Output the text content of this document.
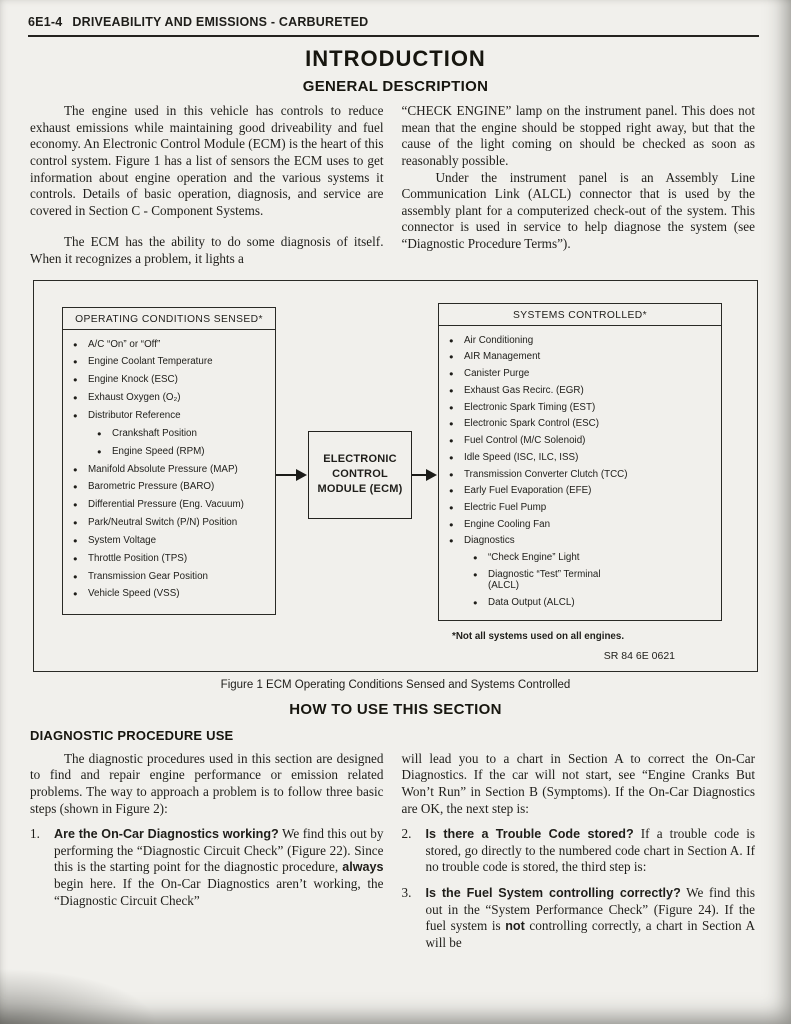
6E1-4 DRIVEABILITY AND EMISSIONS - CARBURETED
INTRODUCTION
GENERAL DESCRIPTION

The engine used in this vehicle has controls to reduce exhaust emissions while maintaining good driveability and fuel economy. An Electronic Control Module (ECM) is the heart of this control system. Figure 1 has a list of sensors the ECM uses to get information about engine operation and the various systems it controls. Details of basic operation, diagnosis, and service are covered in Section C - Component Systems.

The ECM has the ability to do some diagnosis of itself. When it recognizes a problem, it lights a

“CHECK ENGINE” lamp on the instrument panel. This does not mean that the engine should be stopped right away, but that the cause of the light coming on should be checked as soon as reasonably possible.

Under the instrument panel is an Assembly Line Communication Link (ALCL) connector that is used by the assembly plant for a computerized check-out of the system. This connector is used in service to help diagnose the system (see “Diagnostic Procedure Terms”).

OPERATING CONDITIONS SENSED*
●
A/C “On” or “Off”
●
Engine Coolant Temperature
●
Engine Knock (ESC)
●
Exhaust Oxygen (O₂)
●
Distributor Reference
●
Crankshaft Position
●
Engine Speed (RPM)
●
Manifold Absolute Pressure (MAP)
●
Barometric Pressure (BARO)
●
Differential Pressure (Eng. Vacuum)
●
Park/Neutral Switch (P/N) Position
●
System Voltage
●
Throttle Position (TPS)
●
Transmission Gear Position
●
Vehicle Speed (VSS)
ELECTRONIC CONTROL MODULE (ECM)
SYSTEMS CONTROLLED*
●
Air Conditioning
●
AIR Management
●
Canister Purge
●
Exhaust Gas Recirc. (EGR)
●
Electronic Spark Timing (EST)
●
Electronic Spark Control (ESC)
●
Fuel Control (M/C Solenoid)
●
Idle Speed (ISC, ILC, ISS)
●
Transmission Converter Clutch (TCC)
●
Early Fuel Evaporation (EFE)
●
Electric Fuel Pump
●
Engine Cooling Fan
●
Diagnostics
●
“Check Engine” Light
●
Diagnostic “Test” Terminal (ALCL)
●
Data Output (ALCL)
*Not all systems used on all engines.
SR 84 6E 0621
Figure 1 ECM Operating Conditions Sensed and Systems Controlled
HOW TO USE THIS SECTION
DIAGNOSTIC PROCEDURE USE

The diagnostic procedures used in this section are designed to find and repair engine performance or emission related problems. The way to approach a problem is to follow three basic steps (shown in Figure 2):

1.	Are the On-Car Diagnostics working? We find this out by performing the “Diagnostic Circuit Check” (Figure 22). Since this is the starting point for the diagnostic procedure, always begin here. If the On-Car Diagnostics aren’t working, the “Diagnostic Circuit Check”

will lead you to a chart in Section A to correct the On-Car Diagnostics. If the car will not start, see “Engine Cranks But Won’t Run” in Section B (Symptoms). If the On-Car Diagnostics are OK, the next step is:

2.	Is there a Trouble Code stored? If a trouble code is stored, go directly to the numbered code chart in Section A. If no trouble code is stored, the third step is:
3.	Is the Fuel System controlling correctly? We find this out in the “System Performance Check” (Figure 24). If the fuel system is not controlling correctly, a chart in Section A will be
